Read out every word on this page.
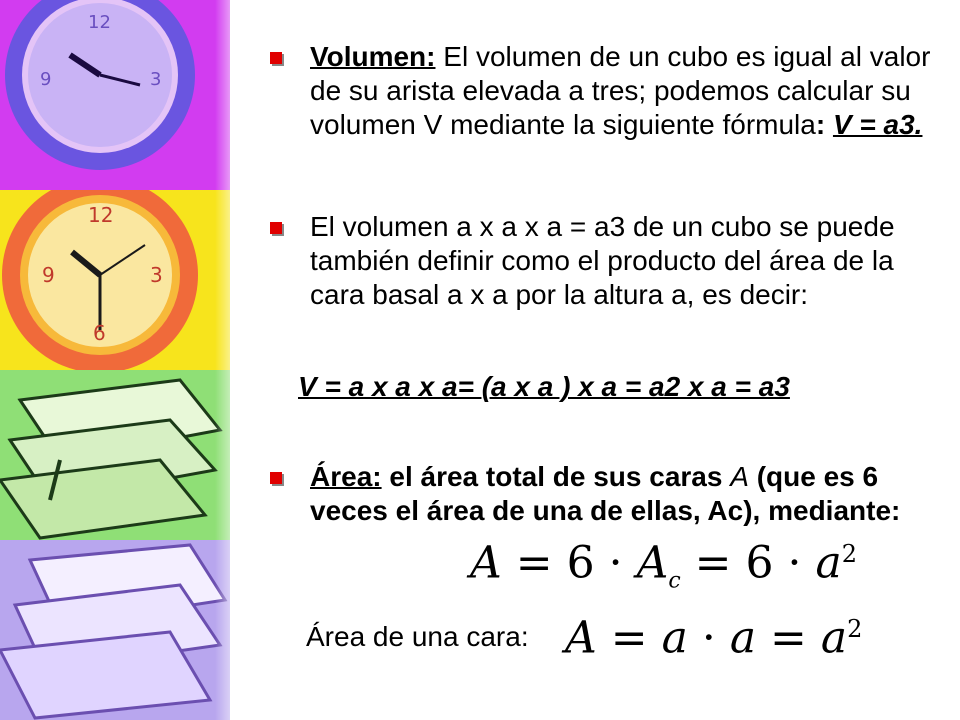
12
3
9
12
3
9
6
Volumen: El volumen de un cubo es igual al valor de su arista elevada a tres; podemos calcular su volumen V mediante la siguiente fórmula: V = a3.
El volumen a x a x a = a3 de un cubo se puede también definir como el producto del área de la cara basal a x a por la altura a, es decir:
V = a x a x a= (a x a ) x a = a2 x a = a3
Área: el área total de sus caras A (que es 6 veces el área de una de ellas, Ac), mediante:
$A = 6 \cdot A_c = 6 \cdot a^2$
Área de una cara: $A = a \cdot a = a^2$
